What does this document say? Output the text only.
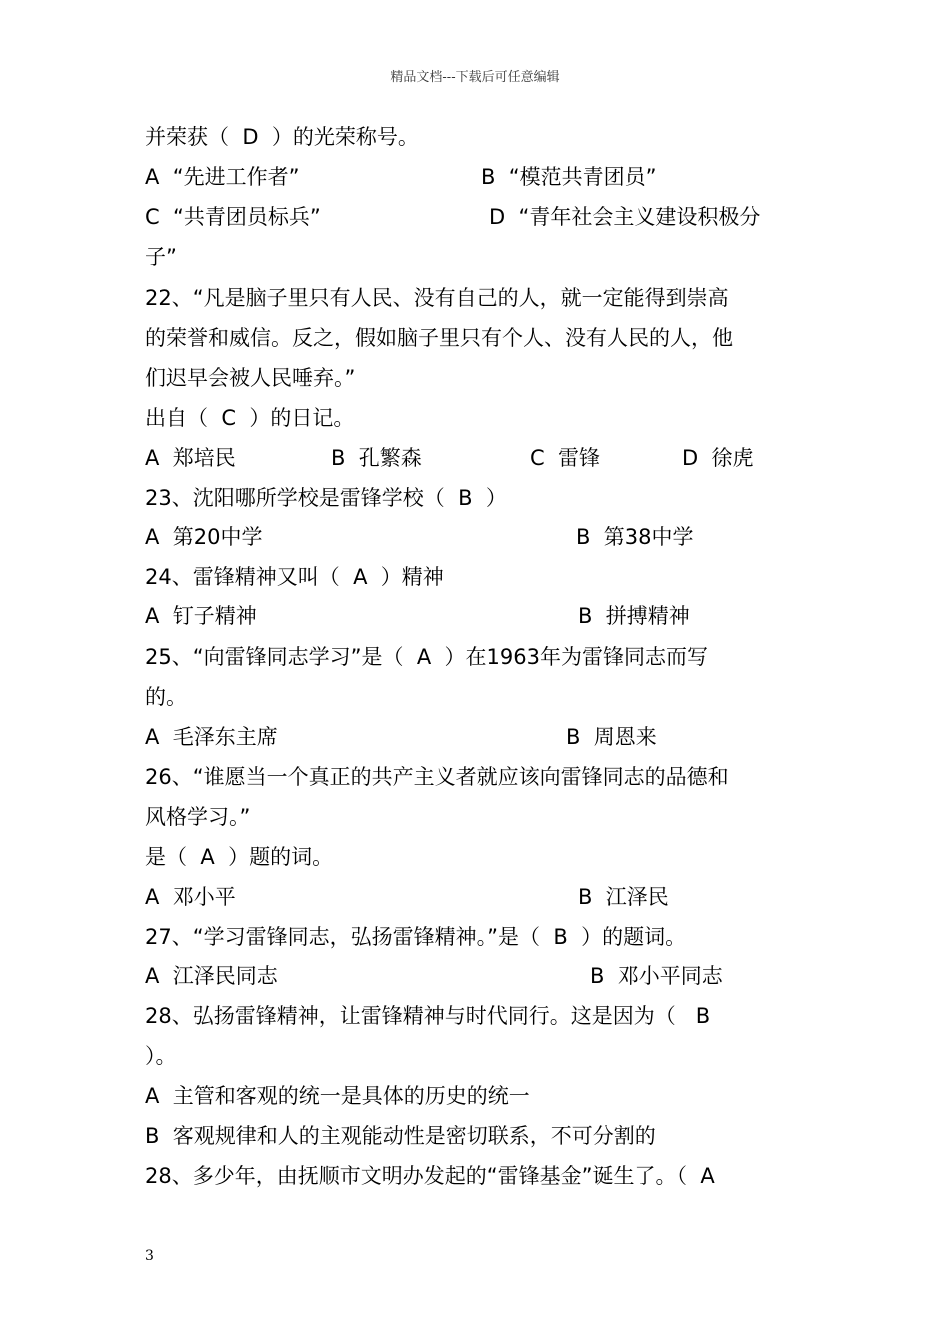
精品文档---下载后可任意编辑
并荣获（  D  ）的光荣称号。
A  “先进工作者”	B  “模范共青团员”
C  “共青团员标兵”	D  “青年社会主义建设积极分
子”
22、“凡是脑子里只有人民、没有自己的人，就一定能得到崇高
的荣誉和威信。反之，假如脑子里只有个人、没有人民的人，他
们迟早会被人民唾弃。”
出自（  C  ）的日记。
A  郑培民	B  孔繁森	C  雷锋	D  徐虎
23、沈阳哪所学校是雷锋学校（  B  ）
A  第20中学	B  第38中学
24、雷锋精神又叫（  A  ）精神
A  钉子精神	B  拼搏精神
25、“向雷锋同志学习”是（  A  ）在1963年为雷锋同志而写
的。
A  毛泽东主席	B  周恩来
26、“谁愿当一个真正的共产主义者就应该向雷锋同志的品德和
风格学习。”
是（  A  ）题的词。
A  邓小平	B  江泽民
27、“学习雷锋同志，弘扬雷锋精神。”是（  B  ）的题词。
A  江泽民同志	B  邓小平同志
28、弘扬雷锋精神，让雷锋精神与时代同行。这是因为（   B
）。
A  主管和客观的统一是具体的历史的统一
B  客观规律和人的主观能动性是密切联系，不可分割的
28、多少年，由抚顺市文明办发起的“雷锋基金”诞生了。（  A
3
